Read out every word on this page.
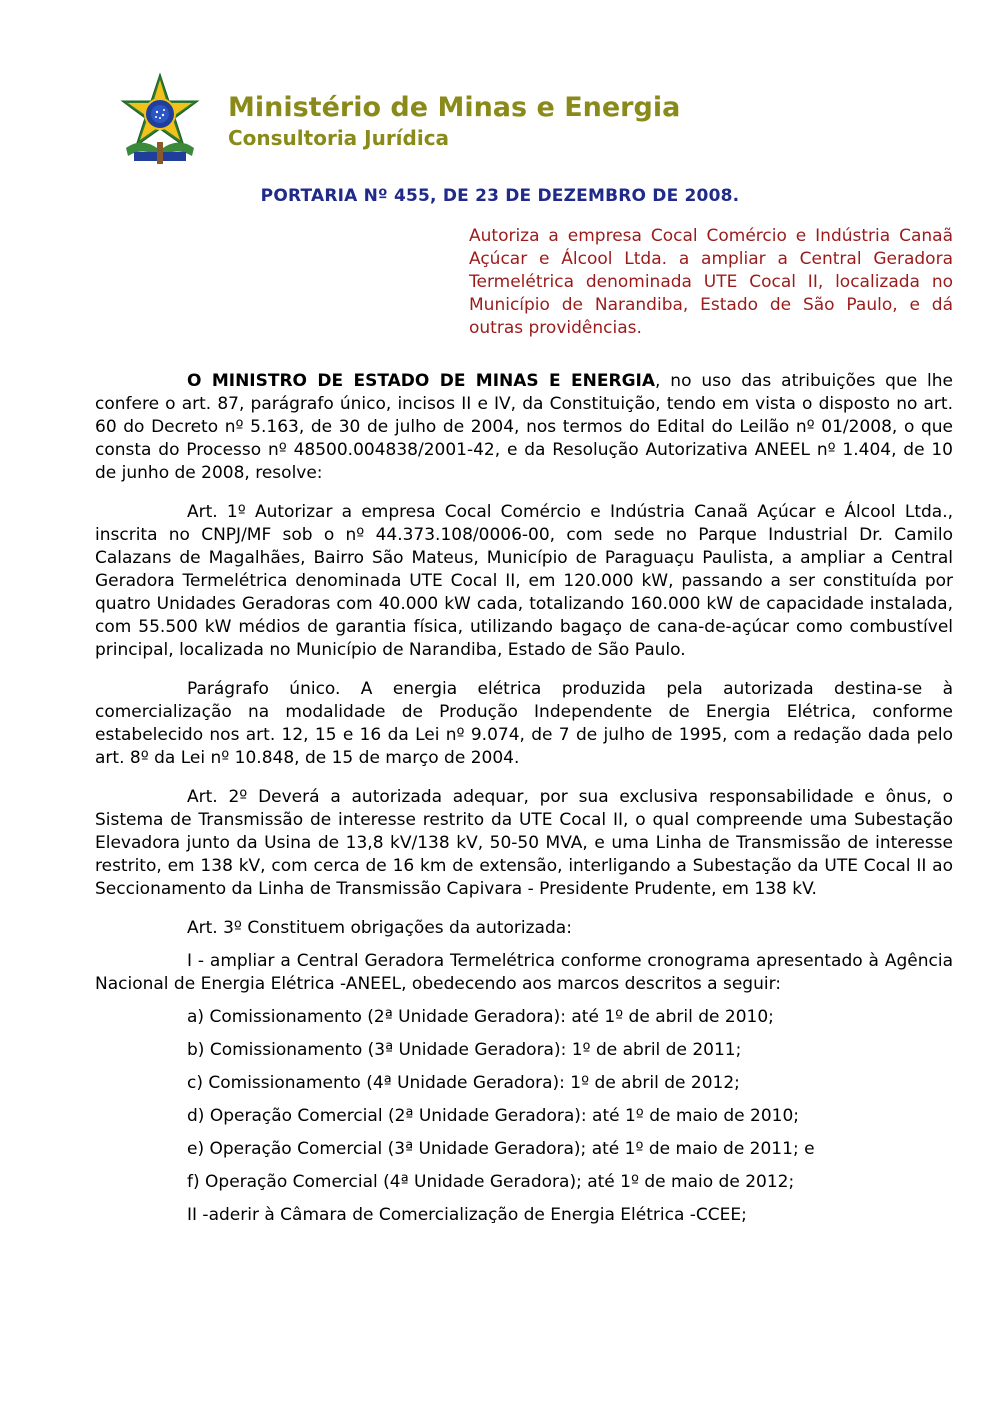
Ministério de Minas e Energia
Consultoria Jurídica
PORTARIA Nº 455, DE 23 DE DEZEMBRO DE 2008.
Autoriza a empresa Cocal Comércio e Indústria Canaã Açúcar e Álcool Ltda. a ampliar a Central Geradora Termelétrica denominada UTE Cocal II, localizada no Município de Narandiba, Estado de São Paulo, e dá outras providências.

O MINISTRO DE ESTADO DE MINAS E ENERGIA, no uso das atribuições que lhe confere o art. 87, parágrafo único, incisos II e IV, da Constituição, tendo em vista o disposto no art. 60 do Decreto nº 5.163, de 30 de julho de 2004, nos termos do Edital do Leilão nº 01/2008, o que consta do Processo nº 48500.004838/2001-42, e da Resolução Autorizativa ANEEL nº 1.404, de 10 de junho de 2008, resolve:

Art. 1º Autorizar a empresa Cocal Comércio e Indústria Canaã Açúcar e Álcool Ltda., inscrita no CNPJ/MF sob o nº 44.373.108/0006-00, com sede no Parque Industrial Dr. Camilo Calazans de Magalhães, Bairro São Mateus, Município de Paraguaçu Paulista, a ampliar a Central Geradora Termelétrica denominada UTE Cocal II, em 120.000 kW, passando a ser constituída por quatro Unidades Geradoras com 40.000 kW cada, totalizando 160.000 kW de capacidade instalada, com 55.500 kW médios de garantia física, utilizando bagaço de cana-de-açúcar como combustível principal, localizada no Município de Narandiba, Estado de São Paulo.

Parágrafo único. A energia elétrica produzida pela autorizada destina-se à comercialização na modalidade de Produção Independente de Energia Elétrica, conforme estabelecido nos art. 12, 15 e 16 da Lei nº 9.074, de 7 de julho de 1995, com a redação dada pelo art. 8º da Lei nº 10.848, de 15 de março de 2004.

Art. 2º Deverá a autorizada adequar, por sua exclusiva responsabilidade e ônus, o Sistema de Transmissão de interesse restrito da UTE Cocal II, o qual compreende uma Subestação Elevadora junto da Usina de 13,8 kV/138 kV, 50-50 MVA, e uma Linha de Transmissão de interesse restrito, em 138 kV, com cerca de 16 km de extensão, interligando a Subestação da UTE Cocal II ao Seccionamento da Linha de Transmissão Capivara - Presidente Prudente, em 138 kV.

Art. 3º Constituem obrigações da autorizada:

I - ampliar a Central Geradora Termelétrica conforme cronograma apresentado à Agência Nacional de Energia Elétrica -ANEEL, obedecendo aos marcos descritos a seguir:

a) Comissionamento (2ª Unidade Geradora): até 1º de abril de 2010;

b) Comissionamento (3ª Unidade Geradora): 1º de abril de 2011;

c) Comissionamento (4ª Unidade Geradora): 1º de abril de 2012;

d) Operação Comercial (2ª Unidade Geradora): até 1º de maio de 2010;

e) Operação Comercial (3ª Unidade Geradora); até 1º de maio de 2011; e

f) Operação Comercial (4ª Unidade Geradora); até 1º de maio de 2012;

II -aderir à Câmara de Comercialização de Energia Elétrica -CCEE;
